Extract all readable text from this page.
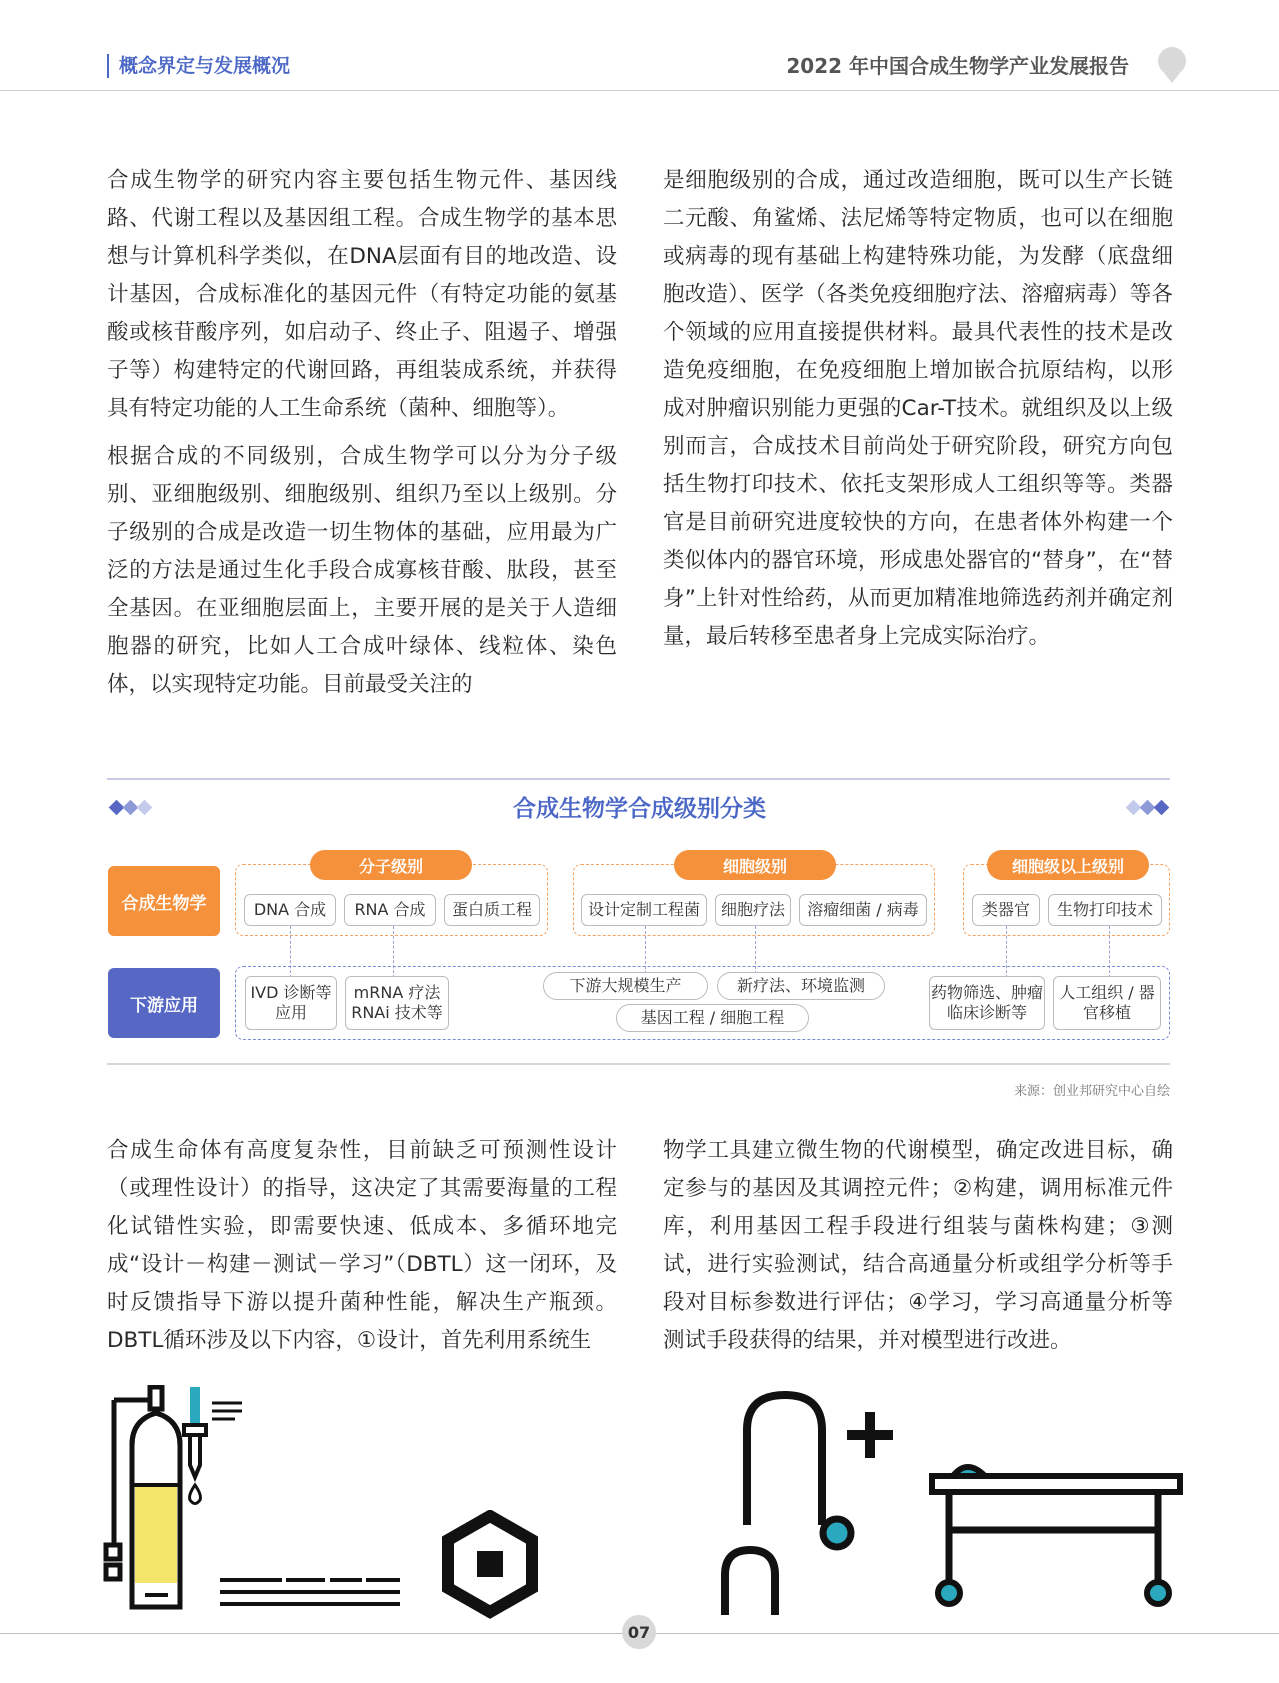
概念界定与发展概况	2022 年中国合成生物学产业发展报告

合成生物学的研究内容主要包括生物元件、基因线路、代谢工程以及基因组工程。合成生物学的基本思想与计算机科学类似，在DNA层面有目的地改造、设计基因，合成标准化的基因元件（有特定功能的氨基酸或核苷酸序列，如启动子、终止子、阻遏子、增强子等）构建特定的代谢回路，再组装成系统，并获得具有特定功能的人工生命系统（菌种、细胞等）。

根据合成的不同级别，合成生物学可以分为分子级别、亚细胞级别、细胞级别、组织乃至以上级别。分子级别的合成是改造一切生物体的基础，应用最为广泛的方法是通过生化手段合成寡核苷酸、肽段，甚至全基因。在亚细胞层面上，主要开展的是关于人造细胞器的研究，比如人工合成叶绿体、线粒体、染色体，以实现特定功能。目前最受关注的

是细胞级别的合成，通过改造细胞，既可以生产长链二元酸、角鲨烯、法尼烯等特定物质，也可以在细胞或病毒的现有基础上构建特殊功能，为发酵（底盘细胞改造）、医学（各类免疫细胞疗法、溶瘤病毒）等各个领域的应用直接提供材料。最具代表性的技术是改造免疫细胞，在免疫细胞上增加嵌合抗原结构，以形成对肿瘤识别能力更强的Car-T技术。就组织及以上级别而言，合成技术目前尚处于研究阶段，研究方向包括生物打印技术、依托支架形成人工组织等等。类器官是目前研究进度较快的方向，在患者体外构建一个类似体内的器官环境，形成患处器官的“替身”，在“替身”上针对性给药，从而更加精准地筛选药剂并确定剂量，最后转移至患者身上完成实际治疗。

合成生物学合成级别分类
合成生物学
下游应用
分子级别
DNA 合成	RNA 合成	蛋白质工程
细胞级别
设计定制工程菌	细胞疗法	溶瘤细菌 / 病毒
细胞级以上级别
类器官	生物打印技术
IVD 诊断等应用
mRNA 疗法 RNAi 技术等
下游大规模生产	新疗法、环境监测
基因工程 / 细胞工程
药物筛选、肿瘤临床诊断等
人工组织 / 器官移植
来源：创业邦研究中心自绘

合成生命体有高度复杂性，目前缺乏可预测性设计（或理性设计）的指导，这决定了其需要海量的工程化试错性实验，即需要快速、低成本、多循环地完成“设计－构建－测试－学习”（DBTL）这一闭环，及时反馈指导下游以提升菌种性能，解决生产瓶颈。DBTL循环涉及以下内容，①设计，首先利用系统生

物学工具建立微生物的代谢模型，确定改进目标，确定参与的基因及其调控元件；②构建，调用标准元件库，利用基因工程手段进行组装与菌株构建；③测试，进行实验测试，结合高通量分析或组学分析等手段对目标参数进行评估；④学习，学习高通量分析等测试手段获得的结果，并对模型进行改进。

07
